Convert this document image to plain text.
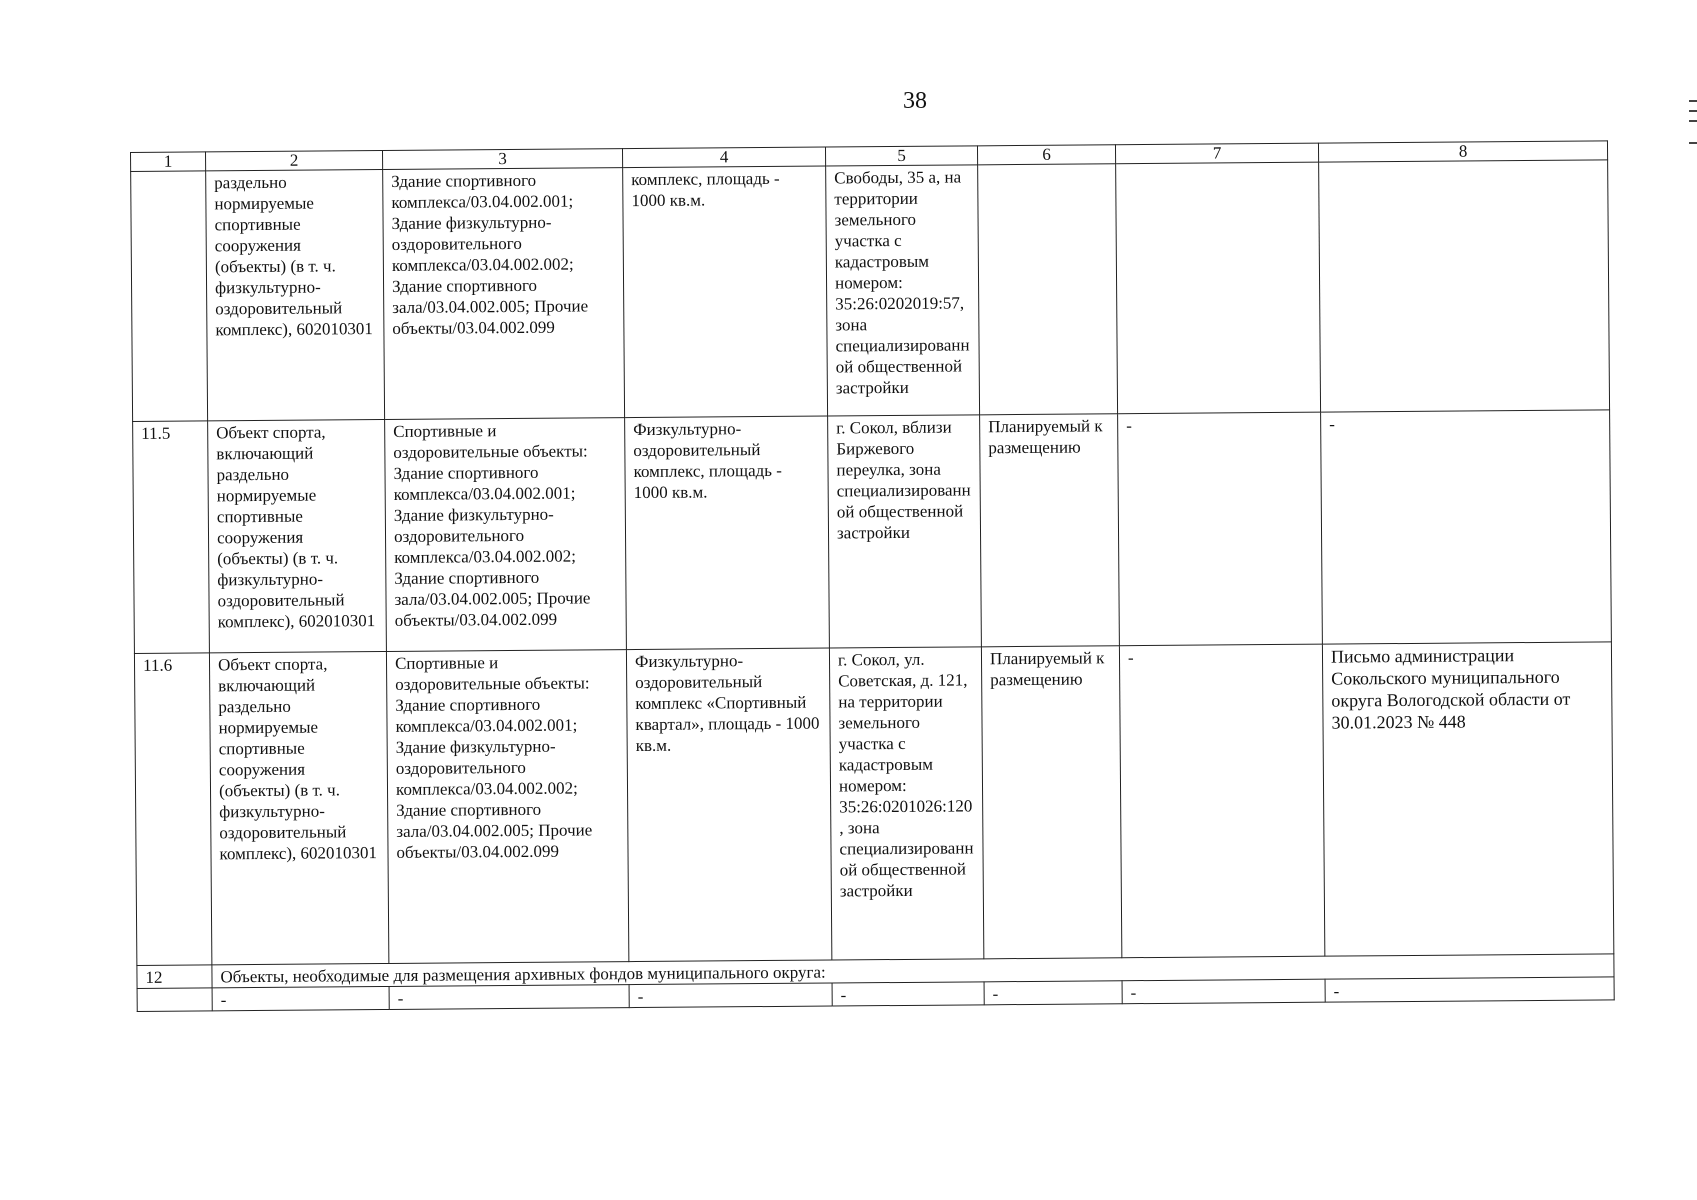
38
1	2	3	4	5	6	7	8
	раздельно нормируемые спортивные сооружения (объекты) (в т. ч. физкультурно-оздоровительный комплекс), 602010301	Здание спортивного комплекса/03.04.002.001; Здание физкультурно-оздоровительного комплекса/03.04.002.002; Здание спортивного зала/03.04.002.005; Прочие объекты/03.04.002.099	комплекс, площадь - 1000 кв.м.	Свободы, 35 а, на территории земельного участка с кадастровым номером: 35:26:0202019:57, зона специализированной общественной застройки			
11.5	Объект спорта, включающий раздельно нормируемые спортивные сооружения (объекты) (в т. ч. физкультурно-оздоровительный комплекс), 602010301	Спортивные и оздоровительные объекты: Здание спортивного комплекса/03.04.002.001; Здание физкультурно-оздоровительного комплекса/03.04.002.002; Здание спортивного зала/03.04.002.005; Прочие объекты/03.04.002.099	Физкультурно-оздоровительный комплекс, площадь - 1000 кв.м.	г. Сокол, вблизи Биржевого переулка, зона специализированной общественной застройки	Планируемый к размещению	-	-
11.6	Объект спорта, включающий раздельно нормируемые спортивные сооружения (объекты) (в т. ч. физкультурно-оздоровительный комплекс), 602010301	Спортивные и оздоровительные объекты: Здание спортивного комплекса/03.04.002.001; Здание физкультурно-оздоровительного комплекса/03.04.002.002; Здание спортивного зала/03.04.002.005; Прочие объекты/03.04.002.099	Физкультурно-оздоровительный комплекс «Спортивный квартал», площадь - 1000 кв.м.	г. Сокол, ул. Советская, д. 121, на территории земельного участка с кадастровым номером: 35:26:0201026:120, зона специализированной общественной застройки	Планируемый к размещению	-	Письмо администрации Сокольского муниципального округа Вологодской области от 30.01.2023 № 448
12	Объекты, необходимые для размещения архивных фондов муниципального округа:						
	-	-	-	-	-	-	-
